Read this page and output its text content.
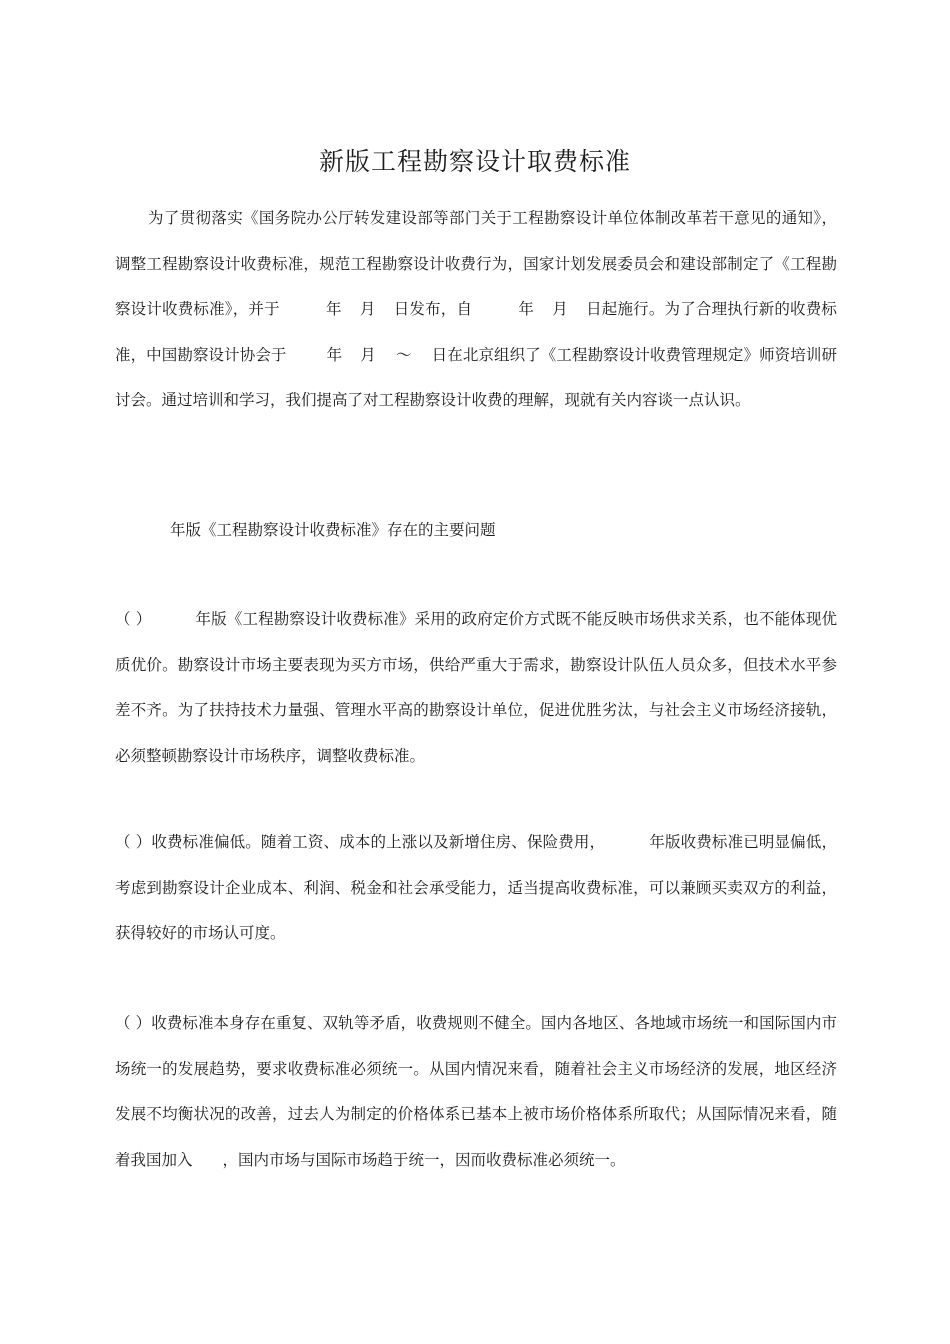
新版工程勘察设计取费标准

为了贯彻落实《国务院办公厅转发建设部等部门关于工程勘察设计单位体制改革若干意见的通知》，调整工程勘察设计收费标准，规范工程勘察设计收费行为，国家计划发展委员会和建设部制定了《工程勘察设计收费标准》，并于	年 月 日发布，自	年 月 日起施行。为了合理执行新的收费标准，中国勘察设计协会于	年 月 ～ 日在北京组织了《工程勘察设计收费管理规定》师资培训研讨会。通过培训和学习，我们提高了对工程勘察设计收费的理解，现就有关内容谈一点认识。

年版《工程勘察设计收费标准》存在的主要问题

（ ）	年版《工程勘察设计收费标准》采用的政府定价方式既不能反映市场供求关系，也不能体现优质优价。勘察设计市场主要表现为买方市场，供给严重大于需求，勘察设计队伍人员众多，但技术水平参差不齐。为了扶持技术力量强、管理水平高的勘察设计单位，促进优胜劣汰，与社会主义市场经济接轨，必须整顿勘察设计市场秩序，调整收费标准。

（ ）收费标准偏低。随着工资、成本的上涨以及新增住房、保险费用，	年版收费标准已明显偏低，考虑到勘察设计企业成本、利润、税金和社会承受能力，适当提高收费标准，可以兼顾买卖双方的利益，获得较好的市场认可度。

（ ）收费标准本身存在重复、双轨等矛盾，收费规则不健全。国内各地区、各地域市场统一和国际国内市场统一的发展趋势，要求收费标准必须统一。从国内情况来看，随着社会主义市场经济的发展，地区经济发展不均衡状况的改善，过去人为制定的价格体系已基本上被市场价格体系所取代；从国际情况来看，随着我国加入 ，国内市场与国际市场趋于统一，因而收费标准必须统一。
